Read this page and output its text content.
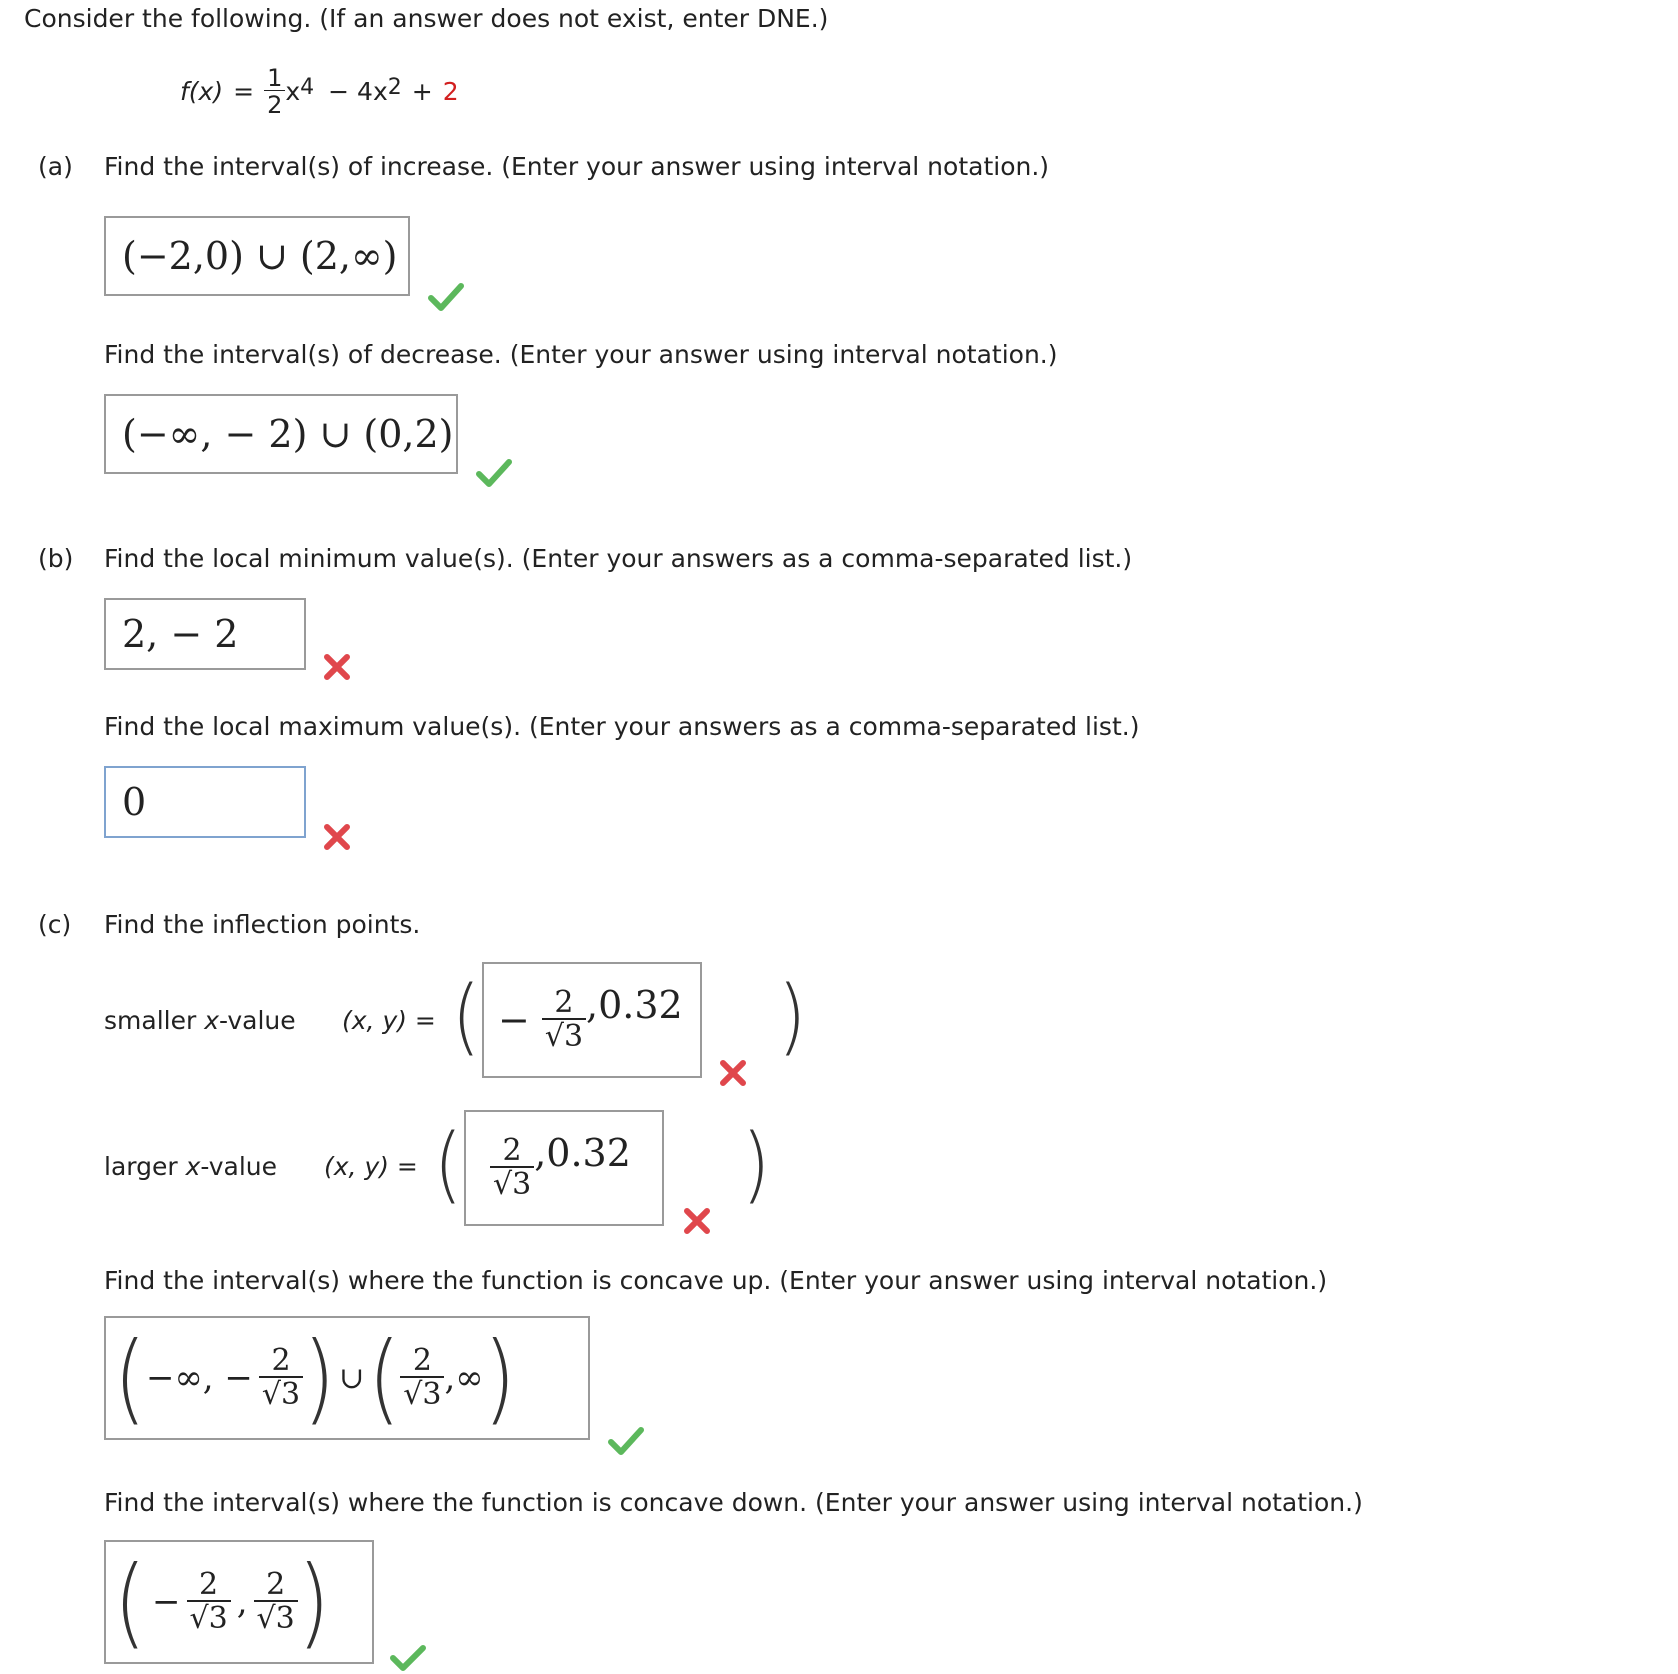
Consider the following. (If an answer does not exist, enter DNE.)
$f(x) = \frac{1}{2} x^4 - 4x^2 + 2$
(a) Find the interval(s) of increase. (Enter your answer using interval notation.)
(−2,0) ∪ (2,∞)
Find the interval(s) of decrease. (Enter your answer using interval notation.)
(−∞, − 2) ∪ (0,2)
(b) Find the local minimum value(s). (Enter your answers as a comma-separated list.)
2, − 2
Find the local maximum value(s). (Enter your answers as a comma-separated list.)
0
(c) Find the inflection points.
smaller x-value (x, y) = ( − $\frac{2}{√3} ,0.32$ )
larger x-value (x, y) = ( $\frac{2}{√3} ,0.32$ )
Find the interval(s) where the function is concave up. (Enter your answer using interval notation.)
( −∞, − $\frac{2}{√3}$ ) ∪ ( $\frac{2}{√3}$ ,∞ )
Find the interval(s) where the function is concave down. (Enter your answer using interval notation.)
( − $\frac{2}{√3}$ , $\frac{2}{√3}$ )
